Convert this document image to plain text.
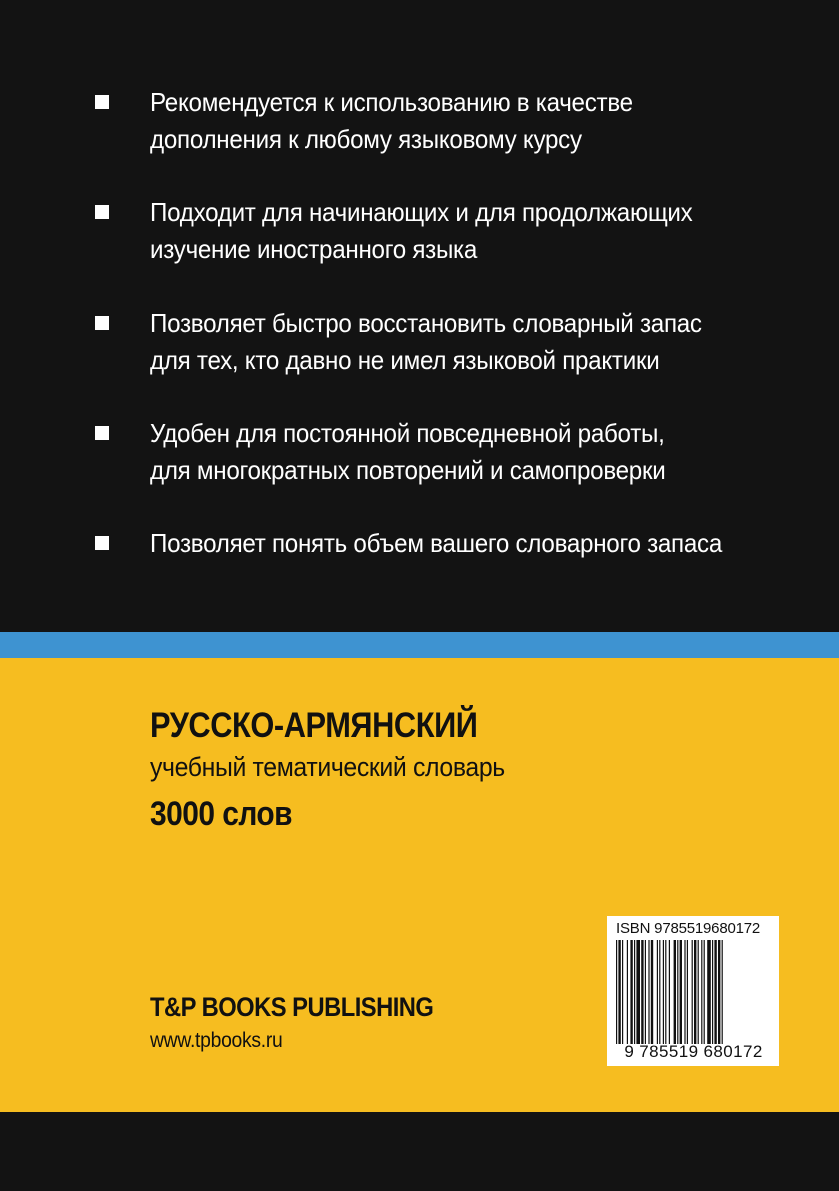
Рекомендуется к использованию в качестве
дополнения к любому языковому курсу
Подходит для начинающих и для продолжающих
изучение иностранного языка
Позволяет быстро восстановить словарный запас
для тех, кто давно не имел языковой практики
Удобен для постоянной повседневной работы,
для многократных повторений и самопроверки
Позволяет понять объем вашего словарного запаса
РУССКО-АРМЯНСКИЙ
учебный тематический словарь
3000 слов
T&P BOOKS PUBLISHING
www.tpbooks.ru
ISBN 9785519680172
9 785519 680172
